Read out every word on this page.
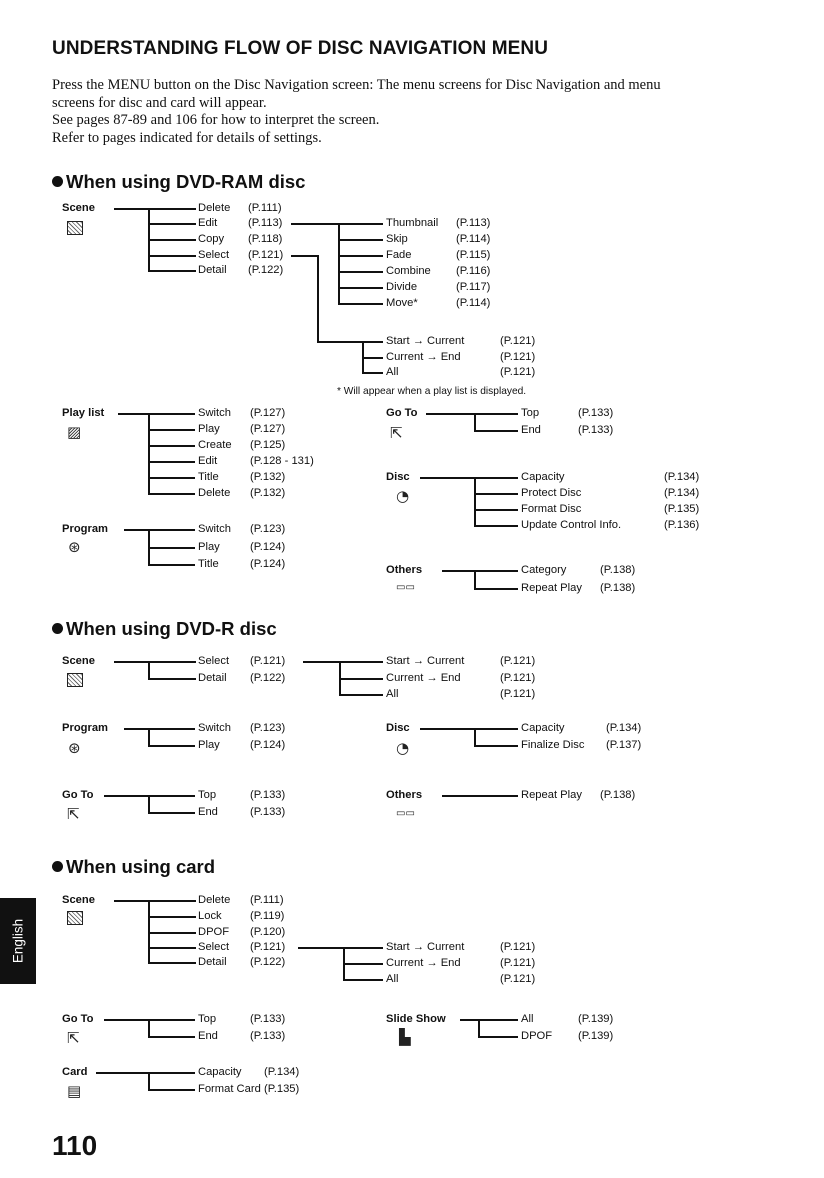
UNDERSTANDING FLOW OF DISC NAVIGATION MENU
Press the MENU button on the Disc Navigation screen: The menu screens for Disc Navigation and menu
screens for disc and card will appear.
See pages 87-89 and 106 for how to interpret the screen.
Refer to pages indicated for details of settings.
When using DVD-RAM disc
Scene	Delete (P.111)
Edit	(P.113)
Copy (P.118)
Select (P.121)
Detail (P.122)
Thumbnail (P.113)
Skip	(P.114)
Fade	(P.115)
Combine (P.116)
Divide	(P.117)
Move*	(P.114)
Start → Current	(P.121)
Current → End	(P.121)
All	(P.121)
* Will appear when a play list is displayed.
Play list
▨
Switch (P.127)
Play	(P.127)
Create (P.125)
Edit	(P.128 - 131)
Title	(P.132)
Delete (P.132)
Program
⊛
Switch (P.123)
Play	(P.124)
Title	(P.124)
Go To
⇱
Top	(P.133)
End	(P.133)
Disc
◔
Capacity	(P.134)
Protect Disc	(P.134)
Format Disc	(P.135)
Update Control Info.	(P.136)
Others
▭▭
Category	(P.138)
Repeat Play (P.138)
When using DVD-R disc
Scene	Select (P.121)
Detail (P.122)
Start → Current	(P.121)
Current → End	(P.121)
All	(P.121)
Program
⊛
Switch (P.123)
Play	(P.124)
Disc
◔
Capacity	(P.134)
Finalize Disc (P.137)
Go To
⇱
Top	(P.133)
End	(P.133)
Others
▭▭
Repeat Play (P.138)
When using card
Scene	Delete (P.111)
Lock	(P.119)
DPOF (P.120)
Select (P.121)
Detail (P.122)
Start → Current	(P.121)
Current → End	(P.121)
All	(P.121)
Go To
⇱
Top	(P.133)
End	(P.133)
Slide Show
▙
All	(P.139)
DPOF (P.139)
Card
▤
Capacity (P.134)
Format Card (P.135)
English
110
